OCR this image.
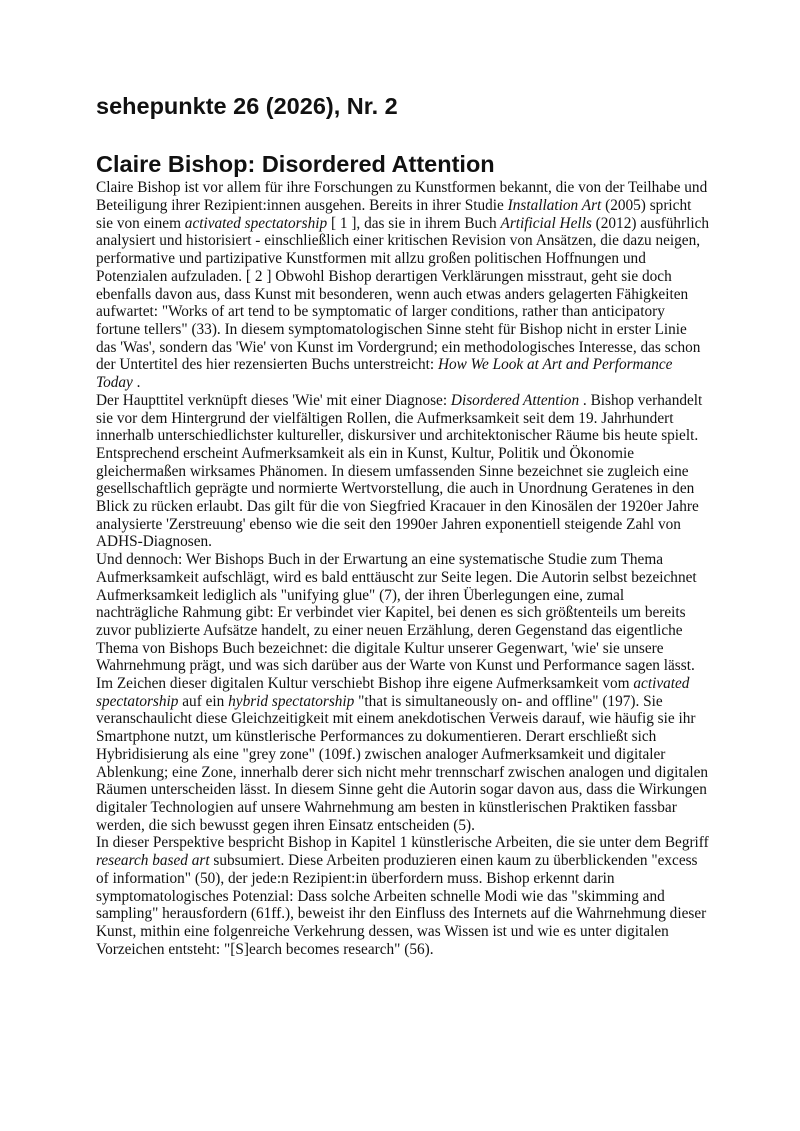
sehepunkte 26 (2026), Nr. 2
Claire Bishop: Disordered Attention

Claire Bishop ist vor allem für ihre Forschungen zu Kunstformen bekannt, die von der Teilhabe und Beteiligung ihrer Rezipient:innen ausgehen. Bereits in ihrer Studie Installation Art (2005) spricht sie von einem activated spectatorship [ 1 ], das sie in ihrem Buch Artificial Hells (2012) ausführlich analysiert und historisiert - einschließlich einer kritischen Revision von Ansätzen, die dazu neigen, performative und partizipative Kunstformen mit allzu großen politischen Hoffnungen und Potenzialen aufzuladen. [ 2 ] Obwohl Bishop derartigen Verklärungen misstraut, geht sie doch ebenfalls davon aus, dass Kunst mit besonderen, wenn auch etwas anders gelagerten Fähigkeiten aufwartet: "Works of art tend to be symptomatic of larger conditions, rather than anticipatory fortune tellers" (33). In diesem symptomatologischen Sinne steht für Bishop nicht in erster Linie das 'Was', sondern das 'Wie' von Kunst im Vordergrund; ein methodologisches Interesse, das schon der Untertitel des hier rezensierten Buchs unterstreicht: How We Look at Art and Performance Today .

Der Haupttitel verknüpft dieses 'Wie' mit einer Diagnose: Disordered Attention . Bishop verhandelt sie vor dem Hintergrund der vielfältigen Rollen, die Aufmerksamkeit seit dem 19. Jahrhundert innerhalb unterschiedlichster kultureller, diskursiver und architektonischer Räume bis heute spielt. Entsprechend erscheint Aufmerksamkeit als ein in Kunst, Kultur, Politik und Ökonomie gleichermaßen wirksames Phänomen. In diesem umfassenden Sinne bezeichnet sie zugleich eine gesellschaftlich geprägte und normierte Wertvorstellung, die auch in Unordnung Geratenes in den Blick zu rücken erlaubt. Das gilt für die von Siegfried Kracauer in den Kinosälen der 1920er Jahre analysierte 'Zerstreuung' ebenso wie die seit den 1990er Jahren exponentiell steigende Zahl von ADHS-Diagnosen.

Und dennoch: Wer Bishops Buch in der Erwartung an eine systematische Studie zum Thema Aufmerksamkeit aufschlägt, wird es bald enttäuscht zur Seite legen. Die Autorin selbst bezeichnet Aufmerksamkeit lediglich als "unifying glue" (7), der ihren Überlegungen eine, zumal nachträgliche Rahmung gibt: Er verbindet vier Kapitel, bei denen es sich größtenteils um bereits zuvor publizierte Aufsätze handelt, zu einer neuen Erzählung, deren Gegenstand das eigentliche Thema von Bishops Buch bezeichnet: die digitale Kultur unserer Gegenwart, 'wie' sie unsere Wahrnehmung prägt, und was sich darüber aus der Warte von Kunst und Performance sagen lässt.

Im Zeichen dieser digitalen Kultur verschiebt Bishop ihre eigene Aufmerksamkeit vom activated spectatorship auf ein hybrid spectatorship "that is simultaneously on- and offline" (197). Sie veranschaulicht diese Gleichzeitigkeit mit einem anekdotischen Verweis darauf, wie häufig sie ihr Smartphone nutzt, um künstlerische Performances zu dokumentieren. Derart erschließt sich Hybridisierung als eine "grey zone" (109f.) zwischen analoger Aufmerksamkeit und digitaler Ablenkung; eine Zone, innerhalb derer sich nicht mehr trennscharf zwischen analogen und digitalen Räumen unterscheiden lässt. In diesem Sinne geht die Autorin sogar davon aus, dass die Wirkungen digitaler Technologien auf unsere Wahrnehmung am besten in künstlerischen Praktiken fassbar werden, die sich bewusst gegen ihren Einsatz entscheiden (5).

In dieser Perspektive bespricht Bishop in Kapitel 1 künstlerische Arbeiten, die sie unter dem Begriff research based art subsumiert. Diese Arbeiten produzieren einen kaum zu überblickenden "excess of information" (50), der jede:n Rezipient:in überfordern muss. Bishop erkennt darin symptomatologisches Potenzial: Dass solche Arbeiten schnelle Modi wie das "skimming and sampling" herausfordern (61ff.), beweist ihr den Einfluss des Internets auf die Wahrnehmung dieser Kunst, mithin eine folgenreiche Verkehrung dessen, was Wissen ist und wie es unter digitalen Vorzeichen entsteht: "[S]earch becomes research" (56).
